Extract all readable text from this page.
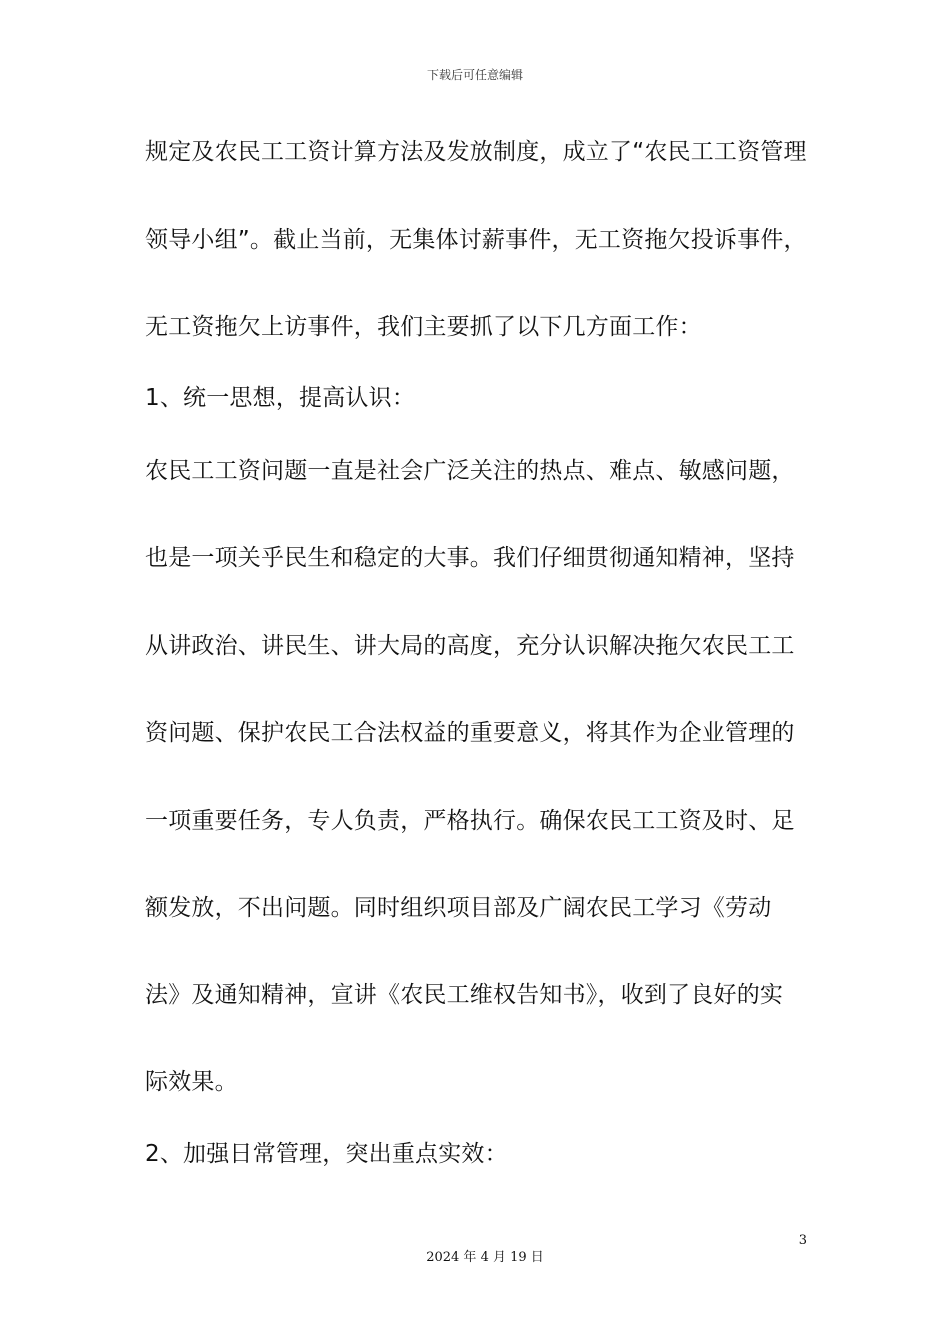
下载后可任意编辑
规定及农民工工资计算方法及发放制度，成立了“农民工工资管理
领导小组”。截止当前，无集体讨薪事件，无工资拖欠投诉事件，
无工资拖欠上访事件，我们主要抓了以下几方面工作：
1、统一思想，提高认识：
农民工工资问题一直是社会广泛关注的热点、难点、敏感问题，
也是一项关乎民生和稳定的大事。我们仔细贯彻通知精神，坚持
从讲政治、讲民生、讲大局的高度，充分认识解决拖欠农民工工
资问题、保护农民工合法权益的重要意义，将其作为企业管理的
一项重要任务，专人负责，严格执行。确保农民工工资及时、足
额发放，不出问题。同时组织项目部及广阔农民工学习《劳动
法》及通知精神，宣讲《农民工维权告知书》，收到了良好的实
际效果。
2、加强日常管理，突出重点实效：
3
2024 年 4 月 19 日
